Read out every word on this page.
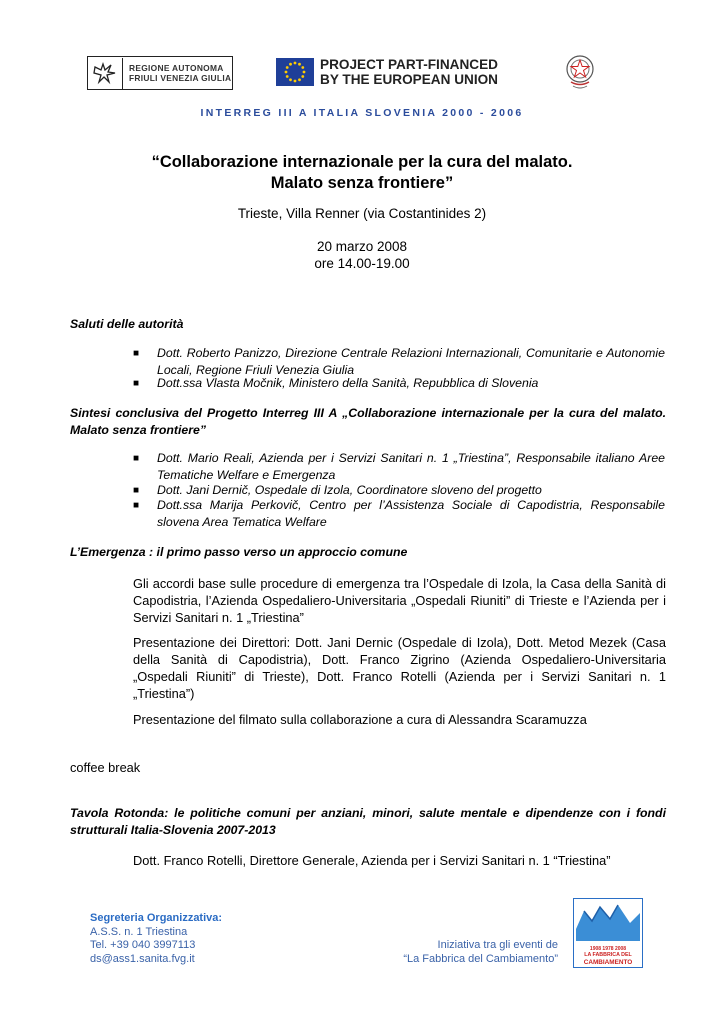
REGIONE AUTONOMA
FRIULI VENEZIA GIULIA
PROJECT PART-FINANCED
BY THE EUROPEAN UNION
INTERREG III A ITALIA SLOVENIA 2000 - 2006
“Collaborazione internazionale per la cura del malato.
Malato senza frontiere”
Trieste, Villa Renner (via Costantinides 2)
20 marzo 2008
ore 14.00-19.00
Saluti delle autorità
■ Dott. Roberto Panizzo, Direzione Centrale Relazioni Internazionali, Comunitarie e Autonomie Locali, Regione Friuli Venezia Giulia
■ Dott.ssa Vlasta Močnik, Ministero della Sanità, Repubblica di Slovenia
Sintesi conclusiva del Progetto Interreg III A „Collaborazione internazionale per la cura del malato. Malato senza frontiere”
■ Dott. Mario Reali, Azienda per i Servizi Sanitari n. 1 „Triestina”, Responsabile italiano Aree Tematiche Welfare e Emergenza
■ Dott. Jani Dernič, Ospedale di Izola, Coordinatore sloveno del progetto
■ Dott.ssa Marija Perkovič, Centro per l’Assistenza Sociale di Capodistria, Responsabile slovena Area Tematica Welfare
L’Emergenza : il primo passo verso un approccio comune
Gli accordi base sulle procedure di emergenza tra l’Ospedale di Izola, la Casa della Sanità di Capodistria, l’Azienda Ospedaliero-Universitaria „Ospedali Riuniti” di Trieste e l’Azienda per i Servizi Sanitari n. 1 „Triestina”
Presentazione dei Direttori: Dott. Jani Dernic (Ospedale di Izola), Dott. Metod Mezek (Casa della Sanità di Capodistria), Dott. Franco Zigrino (Azienda Ospedaliero-Universitaria „Ospedali Riuniti” di Trieste), Dott. Franco Rotelli (Azienda per i Servizi Sanitari n. 1 „Triestina”)
Presentazione del filmato sulla collaborazione a cura di Alessandra Scaramuzza
coffee break
Tavola Rotonda: le politiche comuni per anziani, minori, salute mentale e dipendenze con i fondi strutturali Italia-Slovenia 2007-2013
Dott. Franco Rotelli, Direttore Generale, Azienda per i Servizi Sanitari n. 1 “Triestina”
Segreteria Organizzativa:
A.S.S. n. 1 Triestina
Tel. +39 040 3997113
ds@ass1.sanita.fvg.it
Iniziativa tra gli eventi de
“La Fabbrica del Cambiamento”
1908 1978 2008
LA FABBRICA DEL
CAMBIAMENTO
